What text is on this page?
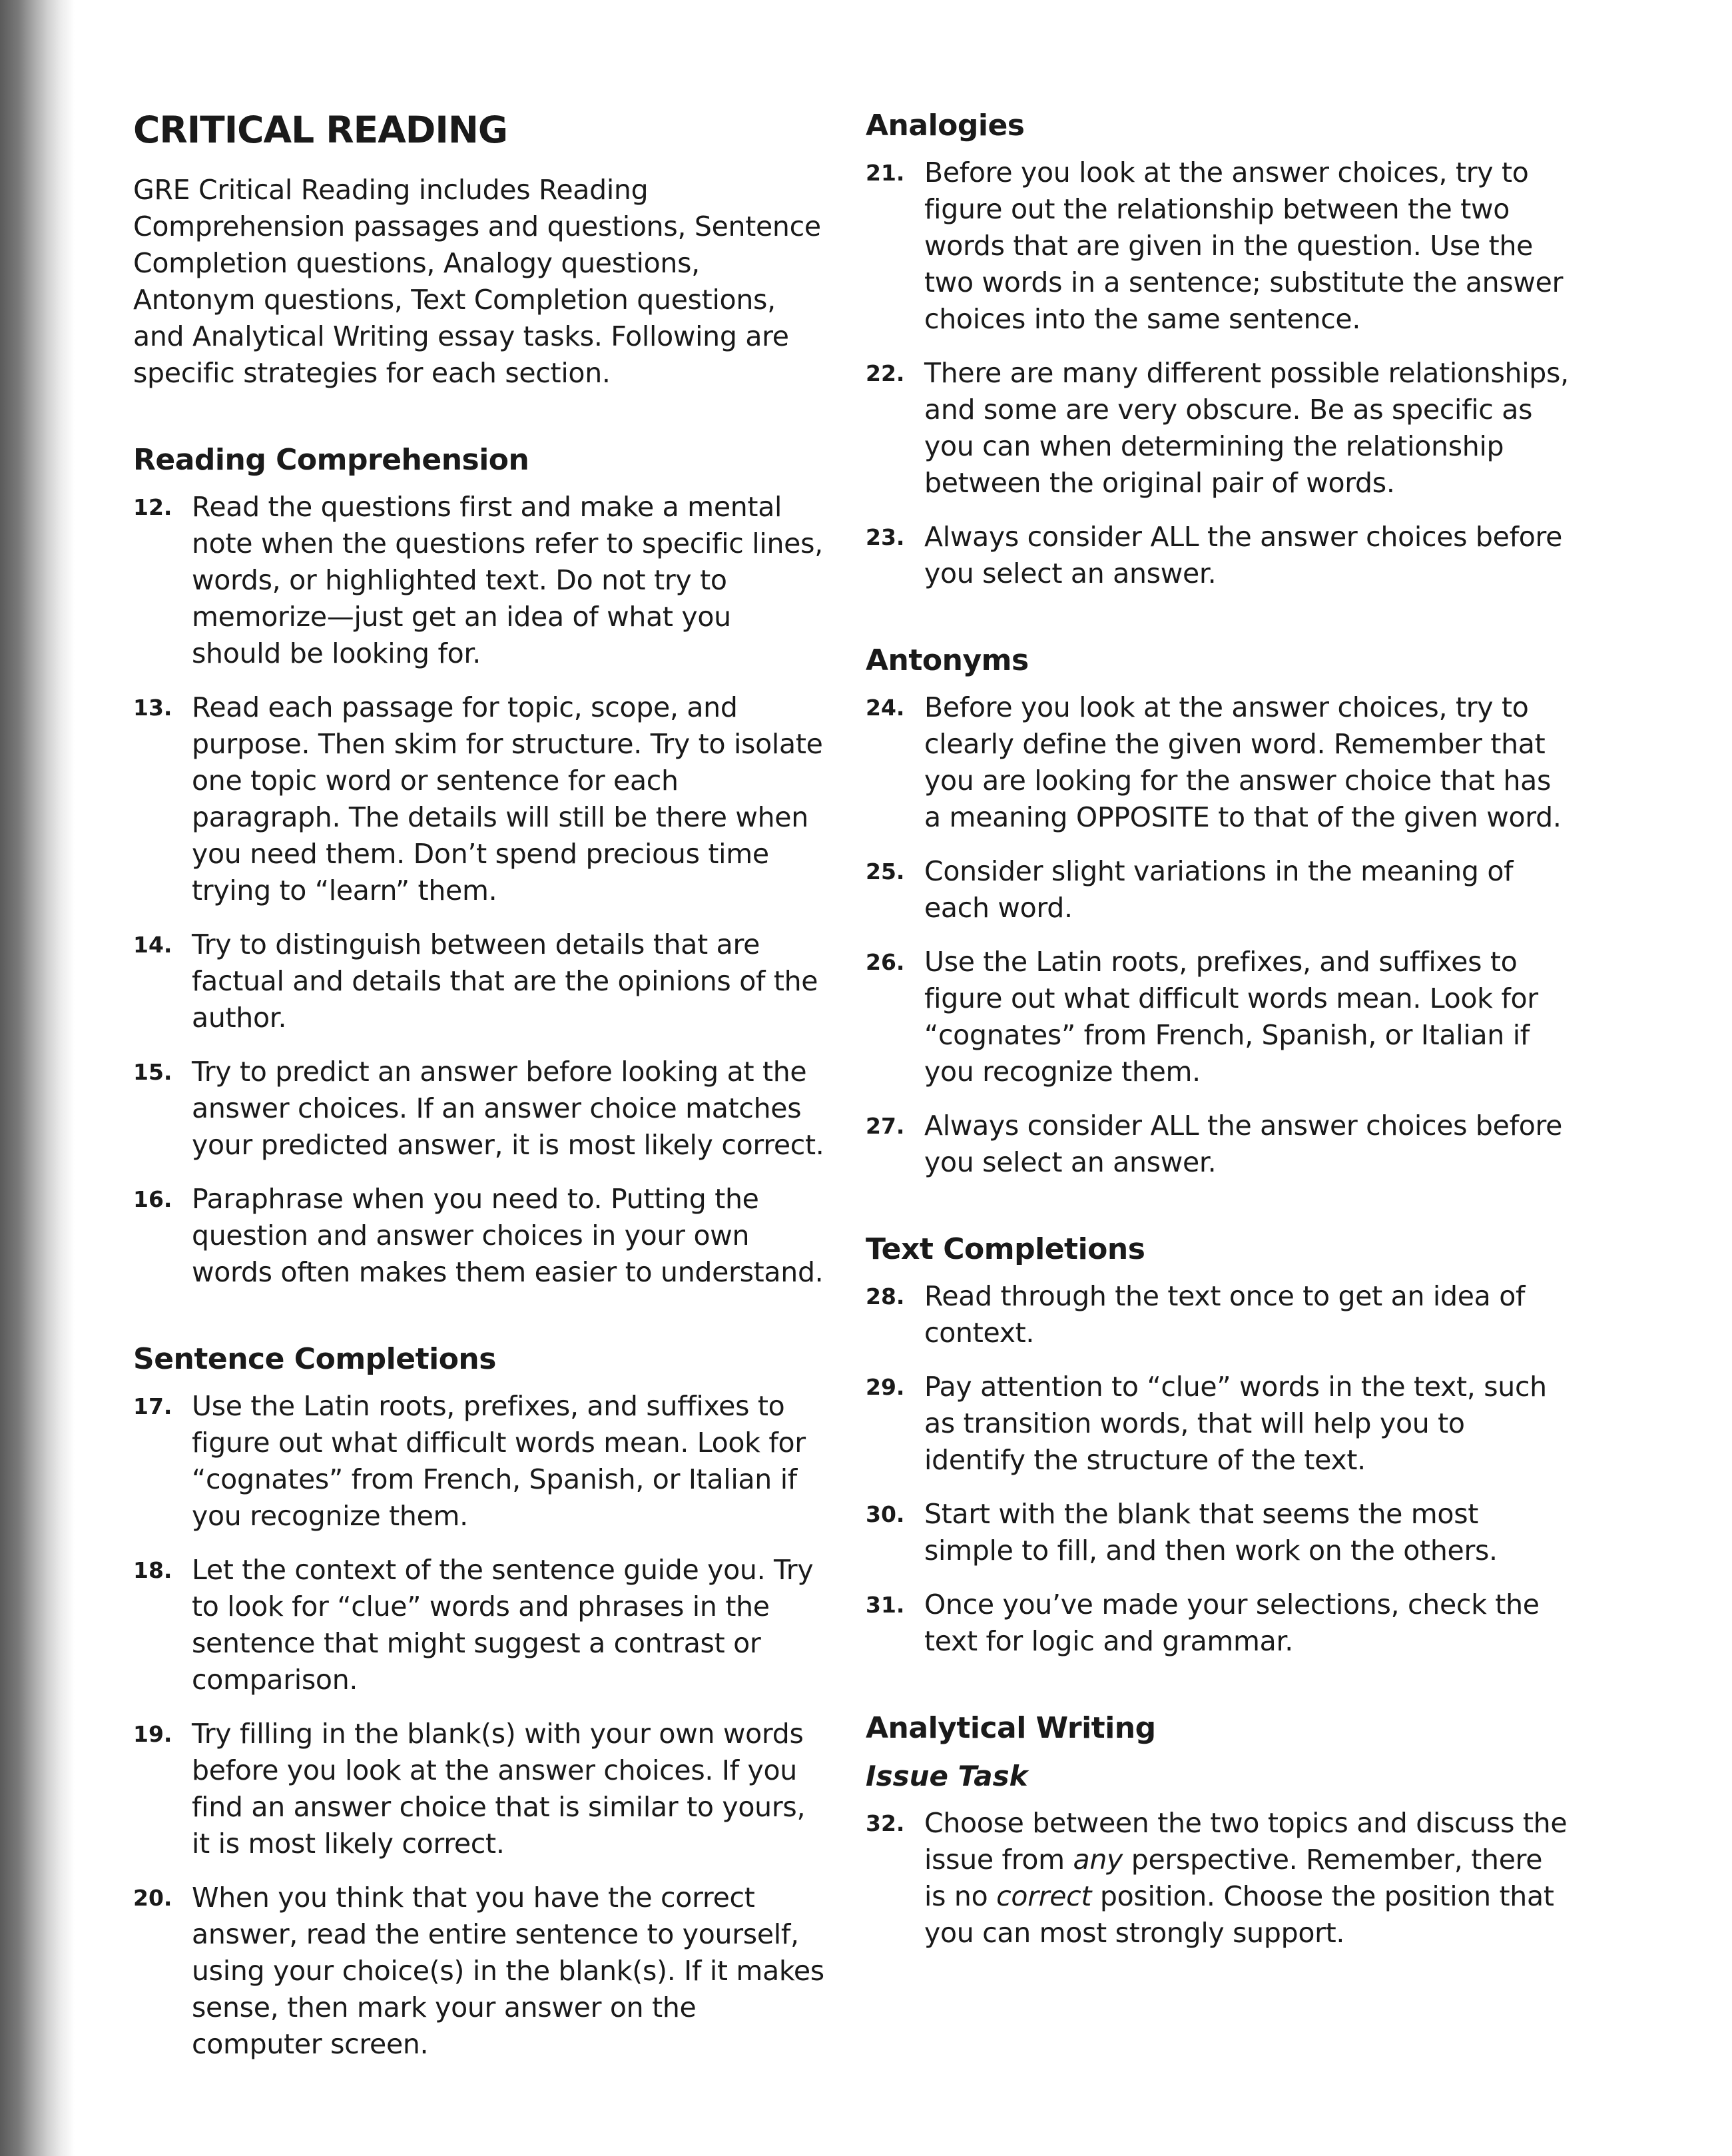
CRITICAL READING

GRE Critical Reading includes Reading Comprehension passages and questions, Sentence Completion questions, Analogy questions, Antonym questions, Text Completion questions, and Analytical Writing essay tasks. Following are specific strategies for each section.

Reading Comprehension
12. Read the questions first and make a mental note when the questions refer to specific lines, words, or highlighted text. Do not try to memorize—just get an idea of what you should be looking for.
13. Read each passage for topic, scope, and purpose. Then skim for structure. Try to isolate one topic word or sentence for each paragraph. The details will still be there when you need them. Don’t spend precious time trying to “learn” them.
14. Try to distinguish between details that are factual and details that are the opinions of the author.
15. Try to predict an answer before looking at the answer choices. If an answer choice matches your predicted answer, it is most likely correct.
16. Paraphrase when you need to. Putting the question and answer choices in your own words often makes them easier to understand.
Sentence Completions
17. Use the Latin roots, prefixes, and suffixes to figure out what difficult words mean. Look for “cognates” from French, Spanish, or Italian if you recognize them.
18. Let the context of the sentence guide you. Try to look for “clue” words and phrases in the sentence that might suggest a contrast or comparison.
19. Try filling in the blank(s) with your own words before you look at the answer choices. If you find an answer choice that is similar to yours, it is most likely correct.
20. When you think that you have the correct answer, read the entire sentence to yourself, using your choice(s) in the blank(s). If it makes sense, then mark your answer on the computer screen.
Analogies
21. Before you look at the answer choices, try to figure out the relationship between the two words that are given in the question. Use the two words in a sentence; substitute the answer choices into the same sentence.
22. There are many different possible relationships, and some are very obscure. Be as specific as you can when determining the relationship between the original pair of words.
23. Always consider ALL the answer choices before you select an answer.
Antonyms
24. Before you look at the answer choices, try to clearly define the given word. Remember that you are looking for the answer choice that has a meaning OPPOSITE to that of the given word.
25. Consider slight variations in the meaning of each word.
26. Use the Latin roots, prefixes, and suffixes to figure out what difficult words mean. Look for “cognates” from French, Spanish, or Italian if you recognize them.
27. Always consider ALL the answer choices before you select an answer.
Text Completions
28. Read through the text once to get an idea of context.
29. Pay attention to “clue” words in the text, such as transition words, that will help you to identify the structure of the text.
30. Start with the blank that seems the most simple to fill, and then work on the others.
31. Once you’ve made your selections, check the text for logic and grammar.
Analytical Writing
Issue Task
32. Choose between the two topics and discuss the issue from any perspective. Remember, there is no correct position. Choose the position that you can most strongly support.
